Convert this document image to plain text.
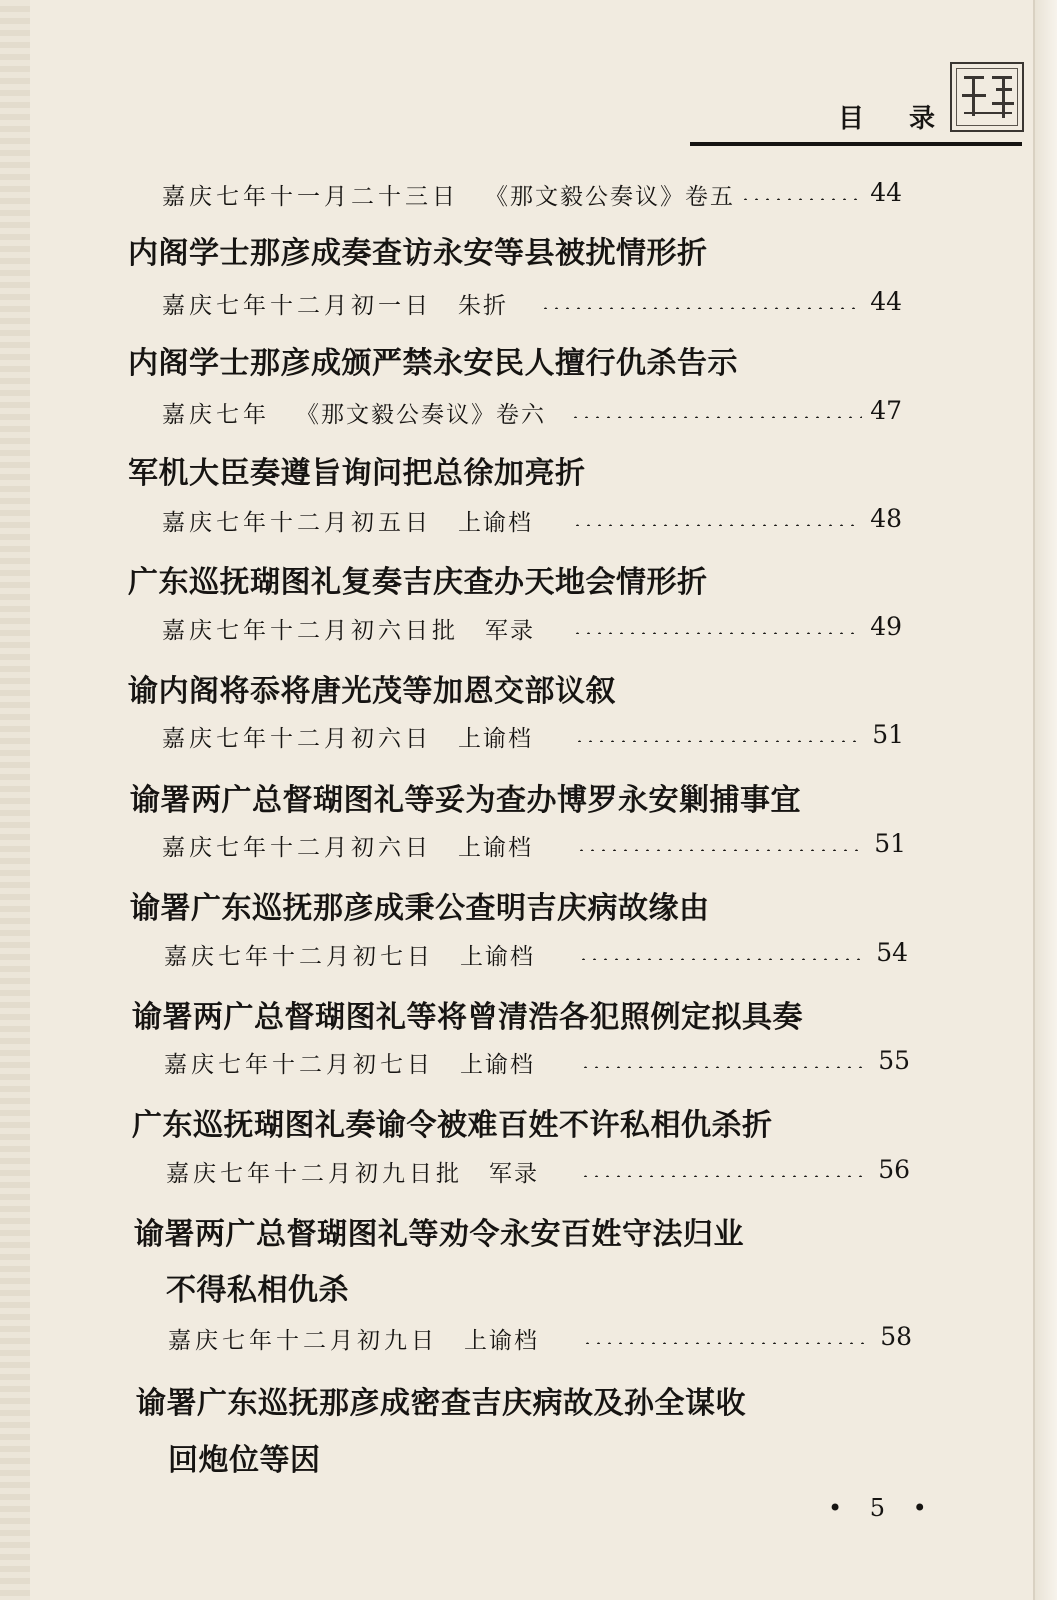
目 录
嘉庆七年十一月二十三日 《那文毅公奏议》卷五	44
内阁学士那彦成奏查访永安等县被扰情形折
嘉庆七年十二月初一日 朱折	44
内阁学士那彦成颁严禁永安民人擅行仇杀告示
嘉庆七年 《那文毅公奏议》卷六	47
军机大臣奏遵旨询问把总徐加亮折
嘉庆七年十二月初五日 上谕档	48
广东巡抚瑚图礼复奏吉庆查办天地会情形折
嘉庆七年十二月初六日批 军录	49
谕内阁将忝将唐光茂等加恩交部议叙
嘉庆七年十二月初六日 上谕档	51
谕署两广总督瑚图礼等妥为查办博罗永安剿捕事宜
嘉庆七年十二月初六日 上谕档	51
谕署广东巡抚那彦成秉公查明吉庆病故缘由
嘉庆七年十二月初七日 上谕档	54
谕署两广总督瑚图礼等将曾清浩各犯照例定拟具奏
嘉庆七年十二月初七日 上谕档	55
广东巡抚瑚图礼奏谕令被难百姓不许私相仇杀折
嘉庆七年十二月初九日批 军录	56
谕署两广总督瑚图礼等劝令永安百姓守法归业
不得私相仇杀
嘉庆七年十二月初九日 上谕档	58
谕署广东巡抚那彦成密查吉庆病故及孙全谋收
回炮位等因
• 5 •
